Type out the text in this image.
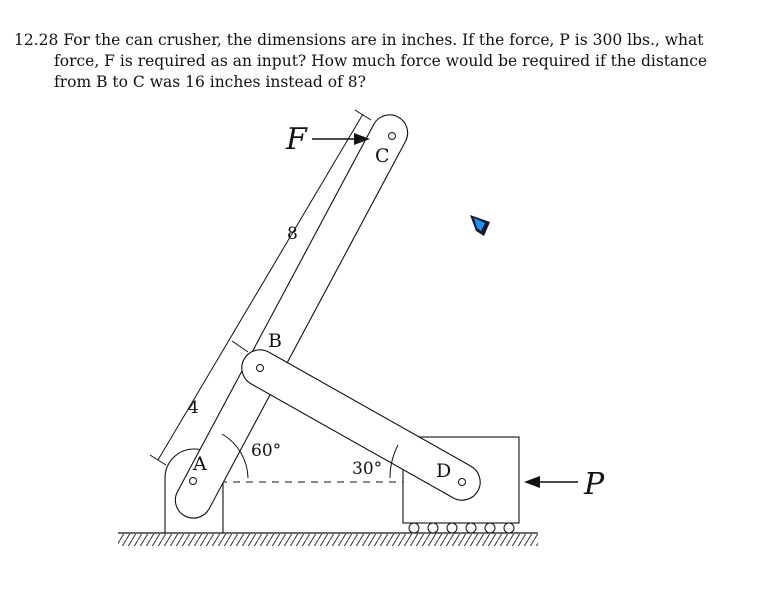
12.28 For the can crusher, the dimensions are in inches. If the force, P is 300 lbs., what
force, F is required as an input? How much force would be required if the distance
from B to C was 16 inches instead of 8?
F	C
8
B
4
60°
A	30°	D	P
